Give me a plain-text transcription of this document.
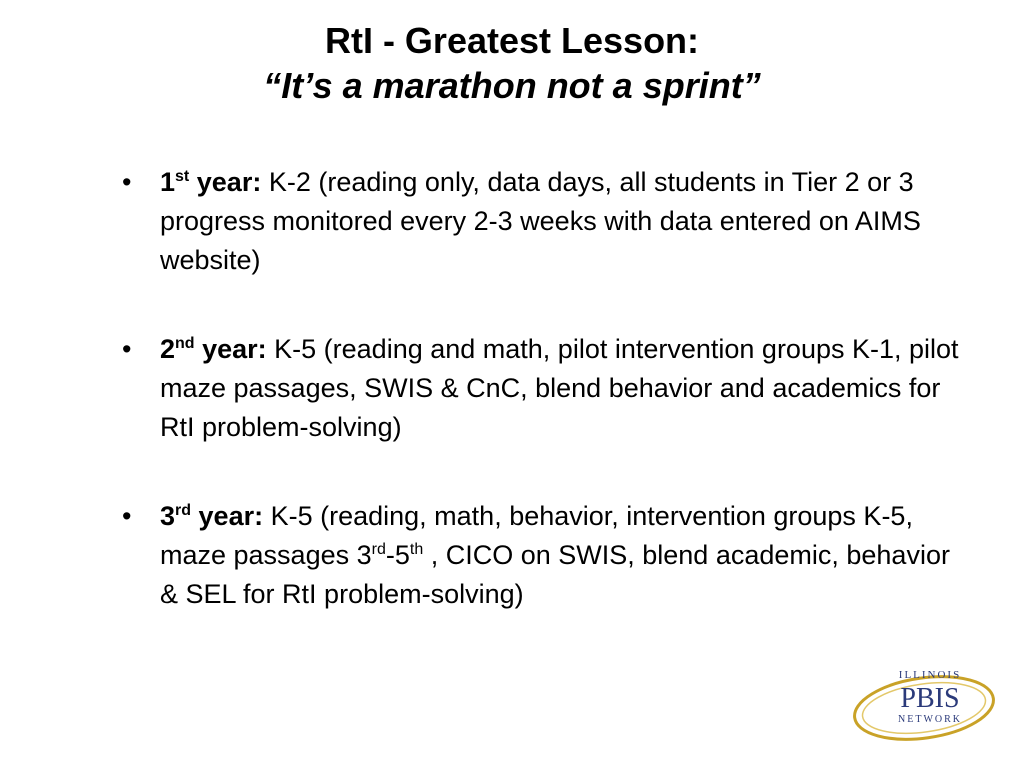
RtI - Greatest Lesson:
“It’s a marathon not a sprint”
• 1st year: K-2 (reading only, data days, all students in Tier 2 or 3 progress monitored every 2-3 weeks with data entered on AIMS website)
• 2nd year: K-5 (reading and math, pilot intervention groups K-1, pilot maze passages, SWIS & CnC, blend behavior and academics for RtI problem-solving)
• 3rd year: K-5 (reading, math, behavior, intervention groups K-5, maze passages 3rd-5th , CICO on SWIS, blend academic, behavior & SEL for RtI problem-solving)
ILLINOIS
PBIS
NETWORK
